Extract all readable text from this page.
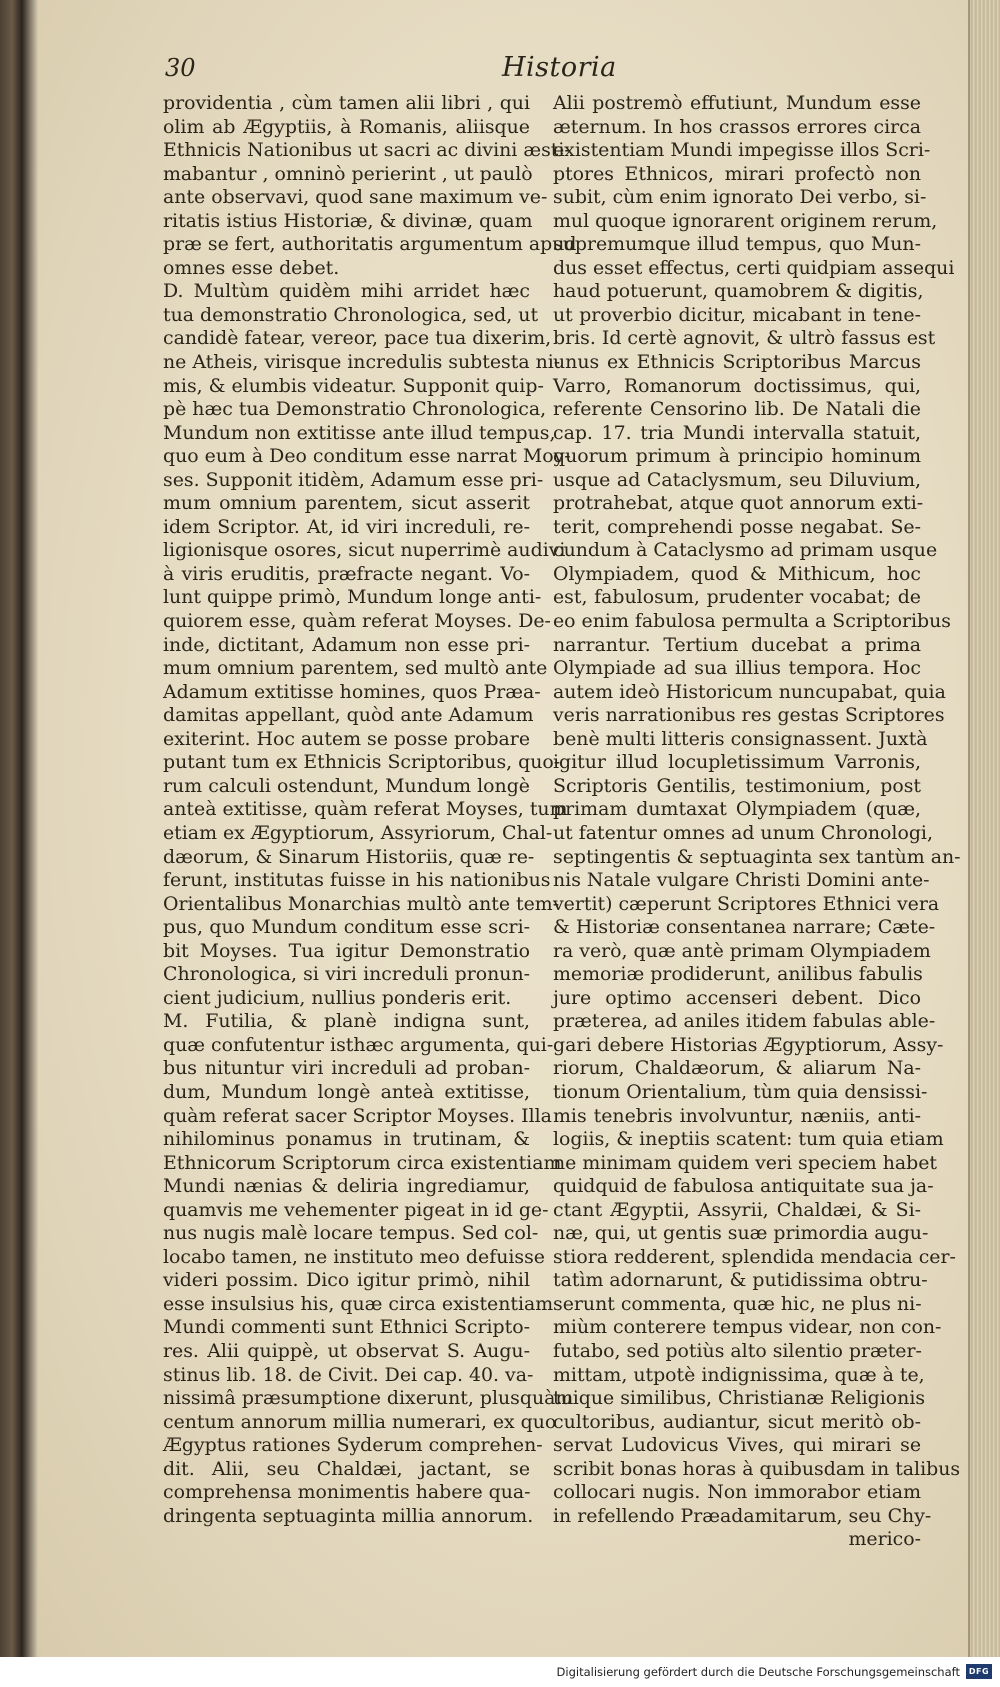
30	Historia
providentia , cùm tamen alii libri , qui
olim ab Ægyptiis, à Romanis, aliisque
Ethnicis Nationibus ut sacri ac divini æsti-
mabantur , omninò perierint , ut paulò
ante observavi, quod sane maximum ve-
ritatis istius Historiæ, & divinæ, quam
præ se fert, authoritatis argumentum apud
omnes esse debet.
D. Multùm quidèm mihi arridet hæc
tua demonstratio Chronologica, sed, ut
candidè fatear, vereor, pace tua dixerim,
ne Atheis, virisque incredulis subtesta ni-
mis, & elumbis videatur. Supponit quip-
pè hæc tua Demonstratio Chronologica,
Mundum non extitisse ante illud tempus,
quo eum à Deo conditum esse narrat Moy-
ses. Supponit itidèm, Adamum esse pri-
mum omnium parentem, sicut asserit
idem Scriptor. At, id viri increduli, re-
ligionisque osores, sicut nuperrimè audivi
à viris eruditis, præfracte negant. Vo-
lunt quippe primò, Mundum longe anti-
quiorem esse, quàm referat Moyses. De-
inde, dictitant, Adamum non esse pri-
mum omnium parentem, sed multò ante
Adamum extitisse homines, quos Præa-
damitas appellant, quòd ante Adamum
exiterint. Hoc autem se posse probare
putant tum ex Ethnicis Scriptoribus, quo-
rum calculi ostendunt, Mundum longè
anteà extitisse, quàm referat Moyses, tum
etiam ex Ægyptiorum, Assyriorum, Chal-
dæorum, & Sinarum Historiis, quæ re-
ferunt, institutas fuisse in his nationibus
Orientalibus Monarchias multò ante tem-
pus, quo Mundum conditum esse scri-
bit Moyses. Tua igitur Demonstratio
Chronologica, si viri increduli pronun-
cient judicium, nullius ponderis erit.
M. Futilia, & planè indigna sunt,
quæ confutentur isthæc argumenta, qui-
bus nituntur viri increduli ad proban-
dum, Mundum longè anteà extitisse,
quàm referat sacer Scriptor Moyses. Illa
nihilominus ponamus in trutinam, &
Ethnicorum Scriptorum circa existentiam
Mundi nænias & deliria ingrediamur,
quamvis me vehementer pigeat in id ge-
nus nugis malè locare tempus. Sed col-
locabo tamen, ne instituto meo defuisse
videri possim. Dico igitur primò, nihil
esse insulsius his, quæ circa existentiam
Mundi commenti sunt Ethnici Scripto-
res. Alii quippè, ut observat S. Augu-
stinus lib. 18. de Civit. Dei cap. 40. va-
nissimâ præsumptione dixerunt, plusquàm
centum annorum millia numerari, ex quo
Ægyptus rationes Syderum comprehen-
dit. Alii, seu Chaldæi, jactant, se
comprehensa monimentis habere qua-
dringenta septuaginta millia annorum.
Alii postremò effutiunt, Mundum esse
æternum. In hos crassos errores circa
existentiam Mundi impegisse illos Scri-
ptores Ethnicos, mirari profectò non
subit, cùm enim ignorato Dei verbo, si-
mul quoque ignorarent originem rerum,
supremumque illud tempus, quo Mun-
dus esset effectus, certi quidpiam assequi
haud potuerunt, quamobrem & digitis,
ut proverbio dicitur, micabant in tene-
bris. Id certè agnovit, & ultrò fassus est
unus ex Ethnicis Scriptoribus Marcus
Varro, Romanorum doctissimus, qui,
referente Censorino lib. De Natali die
cap. 17. tria Mundi intervalla statuit,
quorum primum à principio hominum
usque ad Cataclysmum, seu Diluvium,
protrahebat, atque quot annorum exti-
terit, comprehendi posse negabat. Se-
cundum à Cataclysmo ad primam usque
Olympiadem, quod & Mithicum, hoc
est, fabulosum, prudenter vocabat; de
eo enim fabulosa permulta a Scriptoribus
narrantur. Tertium ducebat a prima
Olympiade ad sua illius tempora. Hoc
autem ideò Historicum nuncupabat, quia
veris narrationibus res gestas Scriptores
benè multi litteris consignassent. Juxtà
igitur illud locupletissimum Varronis,
Scriptoris Gentilis, testimonium, post
primam dumtaxat Olympiadem (quæ,
ut fatentur omnes ad unum Chronologi,
septingentis & septuaginta sex tantùm an-
nis Natale vulgare Christi Domini ante-
vertit) cæperunt Scriptores Ethnici vera
& Historiæ consentanea narrare; Cæte-
ra verò, quæ antè primam Olympiadem
memoriæ prodiderunt, anilibus fabulis
jure optimo accenseri debent. Dico
præterea, ad aniles itidem fabulas able-
gari debere Historias Ægyptiorum, Assy-
riorum, Chaldæorum, & aliarum Na-
tionum Orientalium, tùm quia densissi-
mis tenebris involvuntur, næniis, anti-
logiis, & ineptiis scatent: tum quia etiam
ne minimam quidem veri speciem habet
quidquid de fabulosa antiquitate sua ja-
ctant Ægyptii, Assyrii, Chaldæi, & Si-
næ, qui, ut gentis suæ primordia augu-
stiora redderent, splendida mendacia cer-
tatìm adornarunt, & putidissima obtru-
serunt commenta, quæ hic, ne plus ni-
miùm conterere tempus videar, non con-
futabo, sed potiùs alto silentio præter-
mittam, utpotè indignissima, quæ à te,
tuique similibus, Christianæ Religionis
cultoribus, audiantur, sicut meritò ob-
servat Ludovicus Vives, qui mirari se
scribit bonas horas à quibusdam in talibus
collocari nugis. Non immorabor etiam
in refellendo Præadamitarum, seu Chy-
merico-
Digitalisierung gefördert durch die Deutsche Forschungsgemeinschaft	DFG
